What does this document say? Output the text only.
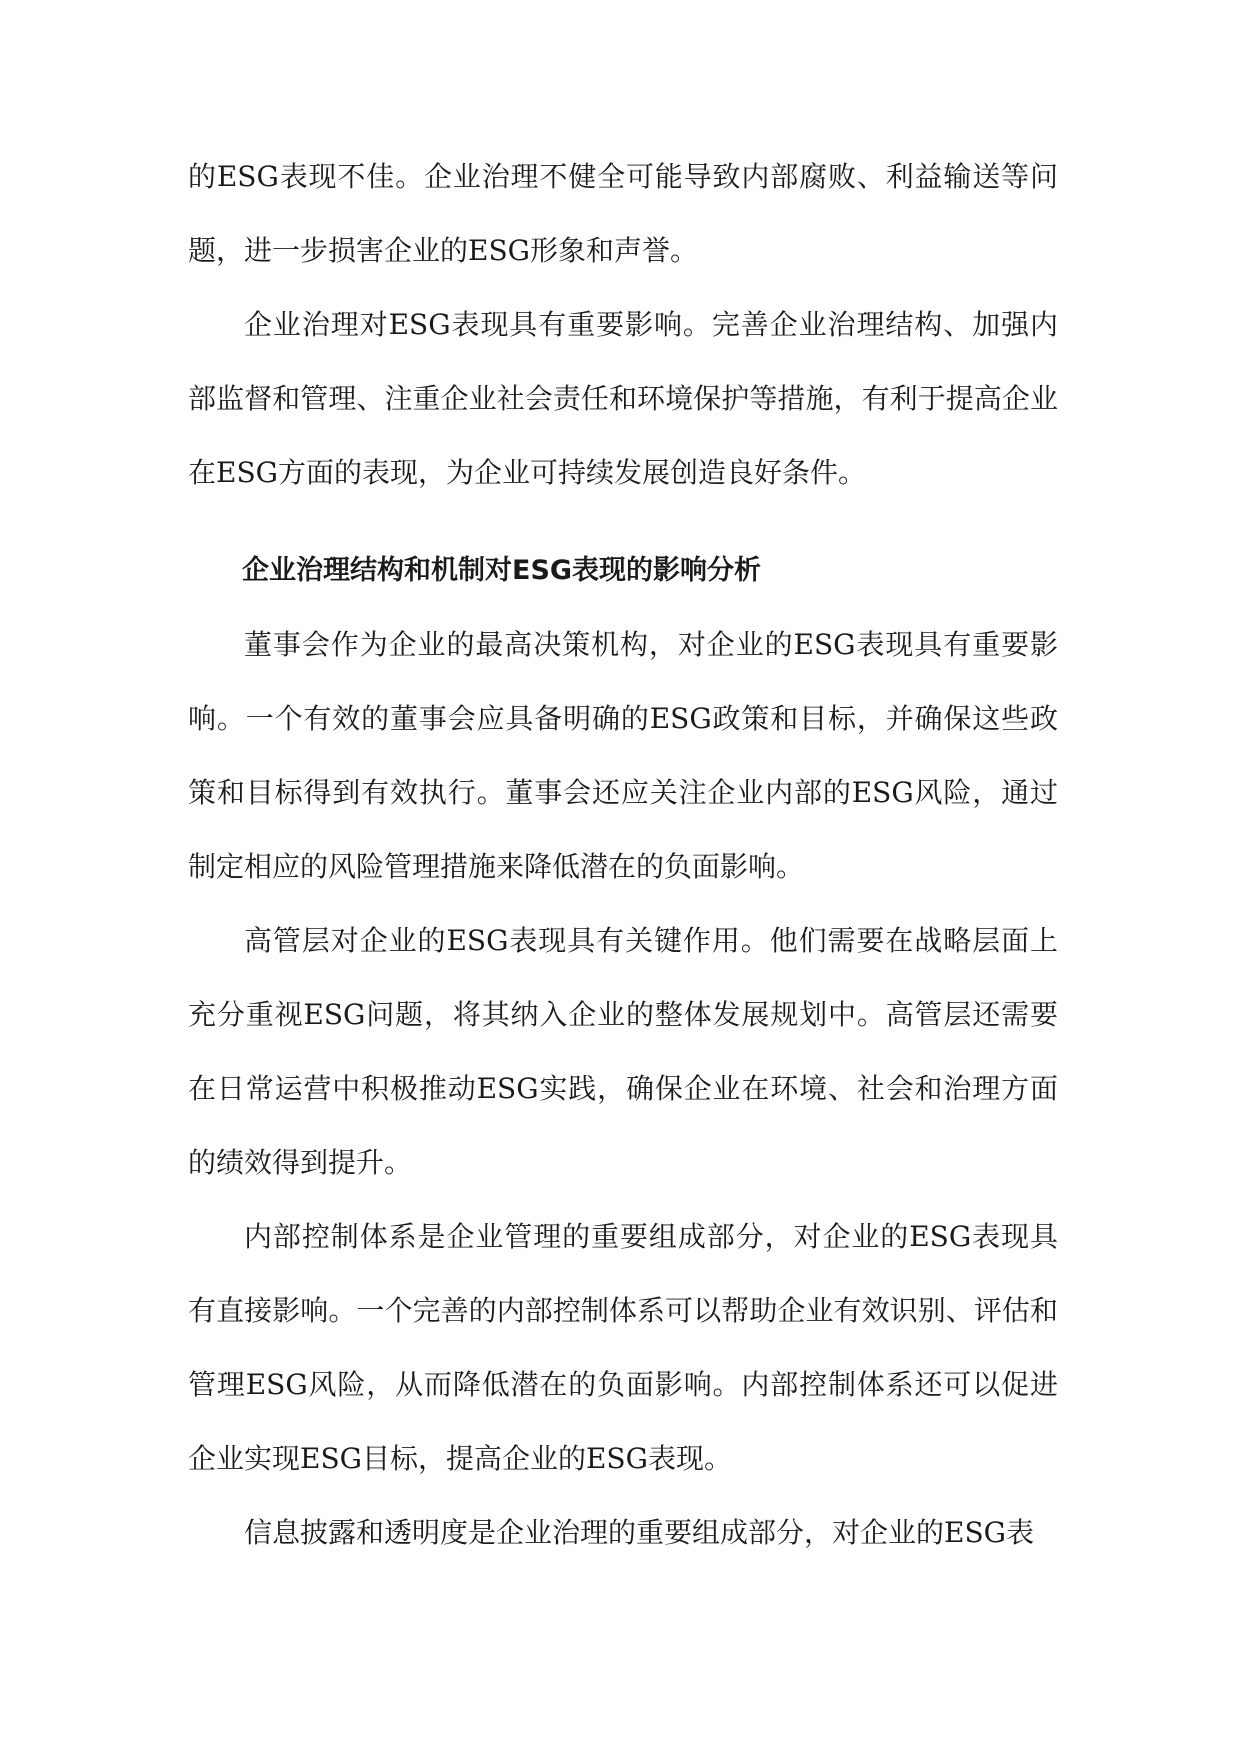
的ESG表现不佳。企业治理不健全可能导致内部腐败、利益输送等问题，进一步损害企业的ESG形象和声誉。

企业治理对ESG表现具有重要影响。完善企业治理结构、加强内部监督和管理、注重企业社会责任和环境保护等措施，有利于提高企业在ESG方面的表现，为企业可持续发展创造良好条件。

企业治理结构和机制对ESG表现的影响分析

董事会作为企业的最高决策机构，对企业的ESG表现具有重要影响。一个有效的董事会应具备明确的ESG政策和目标，并确保这些政策和目标得到有效执行。董事会还应关注企业内部的ESG风险，通过制定相应的风险管理措施来降低潜在的负面影响。

高管层对企业的ESG表现具有关键作用。他们需要在战略层面上充分重视ESG问题，将其纳入企业的整体发展规划中。高管层还需要在日常运营中积极推动ESG实践，确保企业在环境、社会和治理方面的绩效得到提升。

内部控制体系是企业管理的重要组成部分，对企业的ESG表现具有直接影响。一个完善的内部控制体系可以帮助企业有效识别、评估和管理ESG风险，从而降低潜在的负面影响。内部控制体系还可以促进企业实现ESG目标，提高企业的ESG表现。

信息披露和透明度是企业治理的重要组成部分，对企业的ESG表
